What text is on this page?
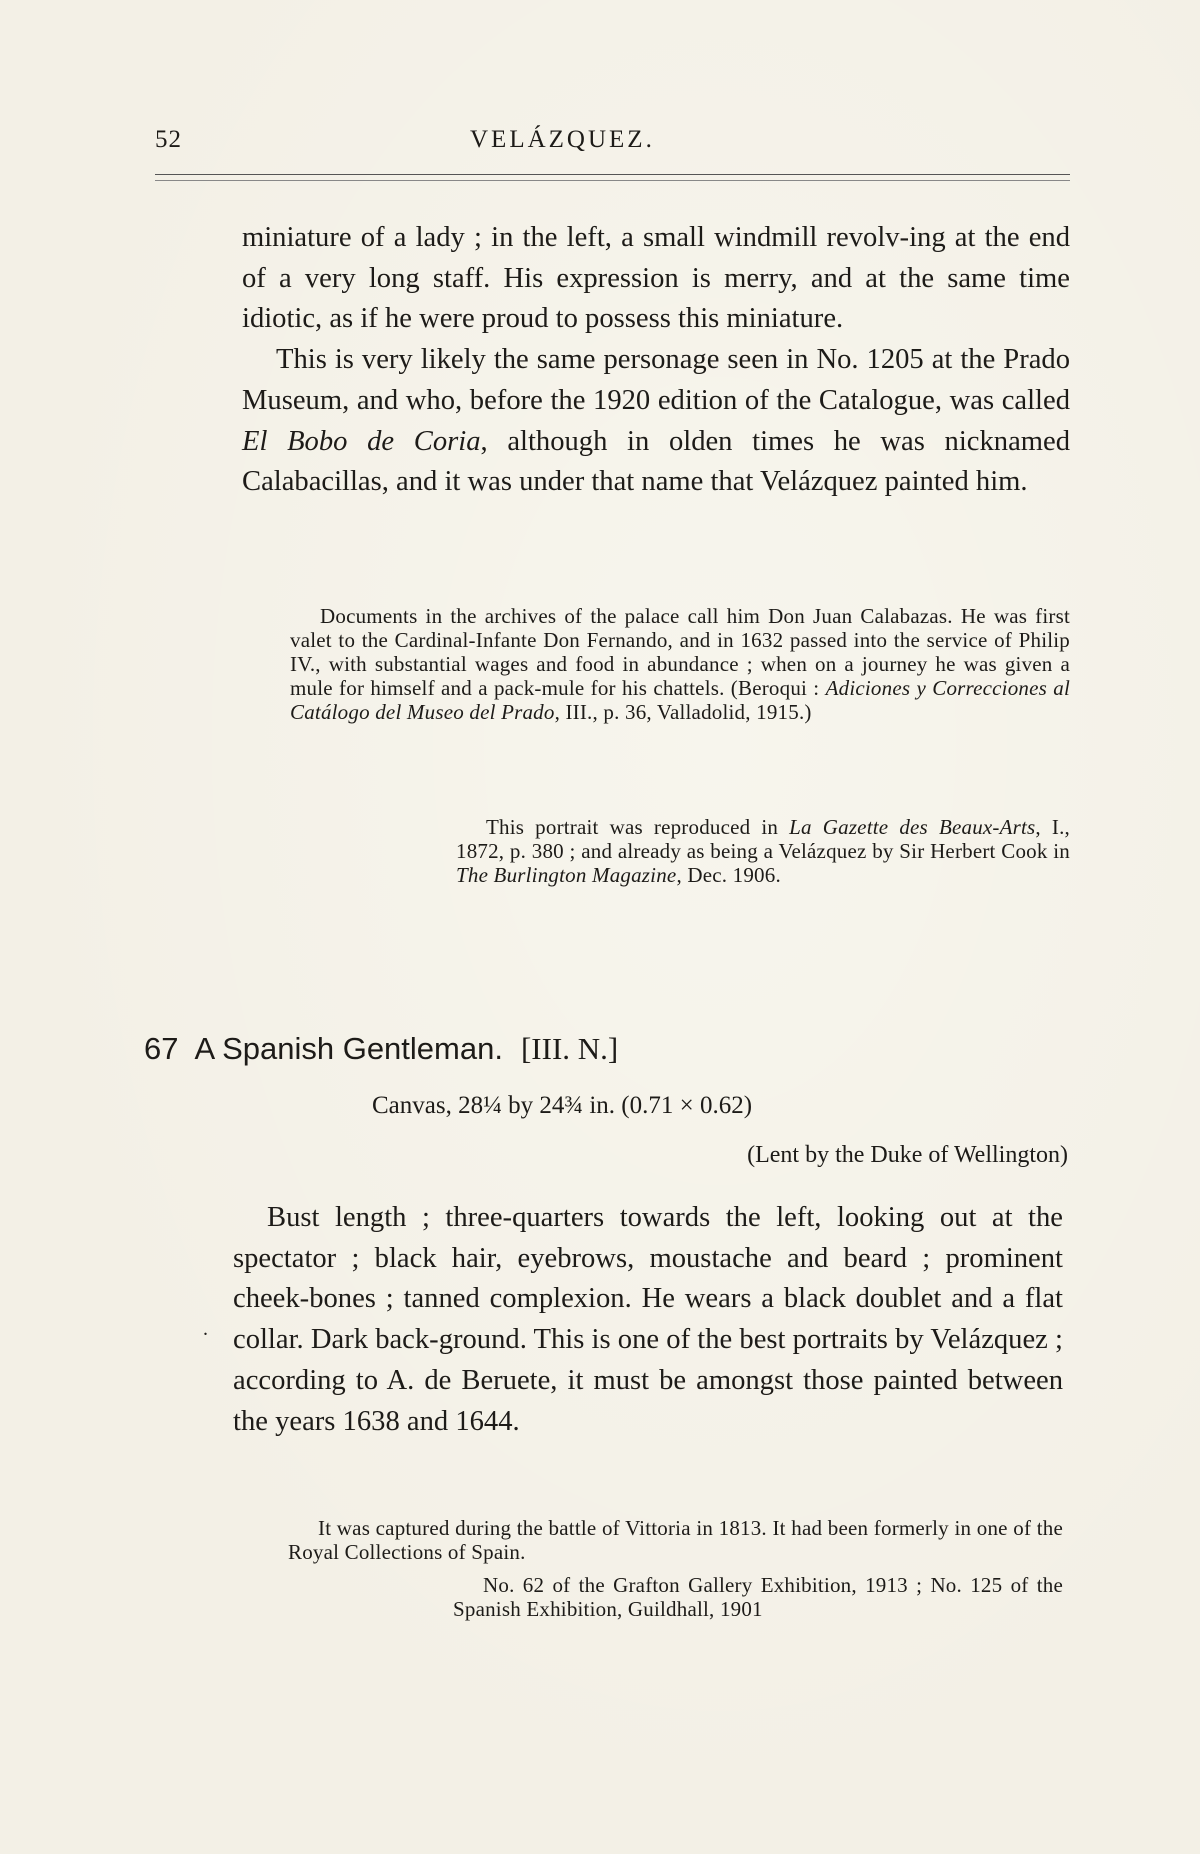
52	VELÁZQUEZ.

miniature of a lady ; in the left, a small windmill revolv-ing at the end of a very long staff. His expression is merry, and at the same time idiotic, as if he were proud to possess this miniature.

This is very likely the same personage seen in No. 1205 at the Prado Museum, and who, before the 1920 edition of the Catalogue, was called El Bobo de Coria, although in olden times he was nicknamed Calabacillas, and it was under that name that Velázquez painted him.

Documents in the archives of the palace call him Don Juan Calabazas. He was first valet to the Cardinal-Infante Don Fernando, and in 1632 passed into the service of Philip IV., with substantial wages and food in abundance ; when on a journey he was given a mule for himself and a pack-mule for his chattels. (Beroqui : Adiciones y Correcciones al Catálogo del Museo del Prado, III., p. 36, Valladolid, 1915.)

This portrait was reproduced in La Gazette des Beaux-Arts, I., 1872, p. 380 ; and already as being a Velázquez by Sir Herbert Cook in The Burlington Magazine, Dec. 1906.

67 A Spanish Gentleman. [III. N.]
Canvas, 28¼ by 24¾ in. (0.71 × 0.62)
(Lent by the Duke of Wellington)
.

Bust length ; three-quarters towards the left, looking out at the spectator ; black hair, eyebrows, moustache and beard ; prominent cheek-bones ; tanned complexion. He wears a black doublet and a flat collar. Dark back-ground. This is one of the best portraits by Velázquez ; according to A. de Beruete, it must be amongst those painted between the years 1638 and 1644.

It was captured during the battle of Vittoria in 1813. It had been formerly in one of the Royal Collections of Spain.

No. 62 of the Grafton Gallery Exhibition, 1913 ; No. 125 of the Spanish Exhibition, Guildhall, 1901
